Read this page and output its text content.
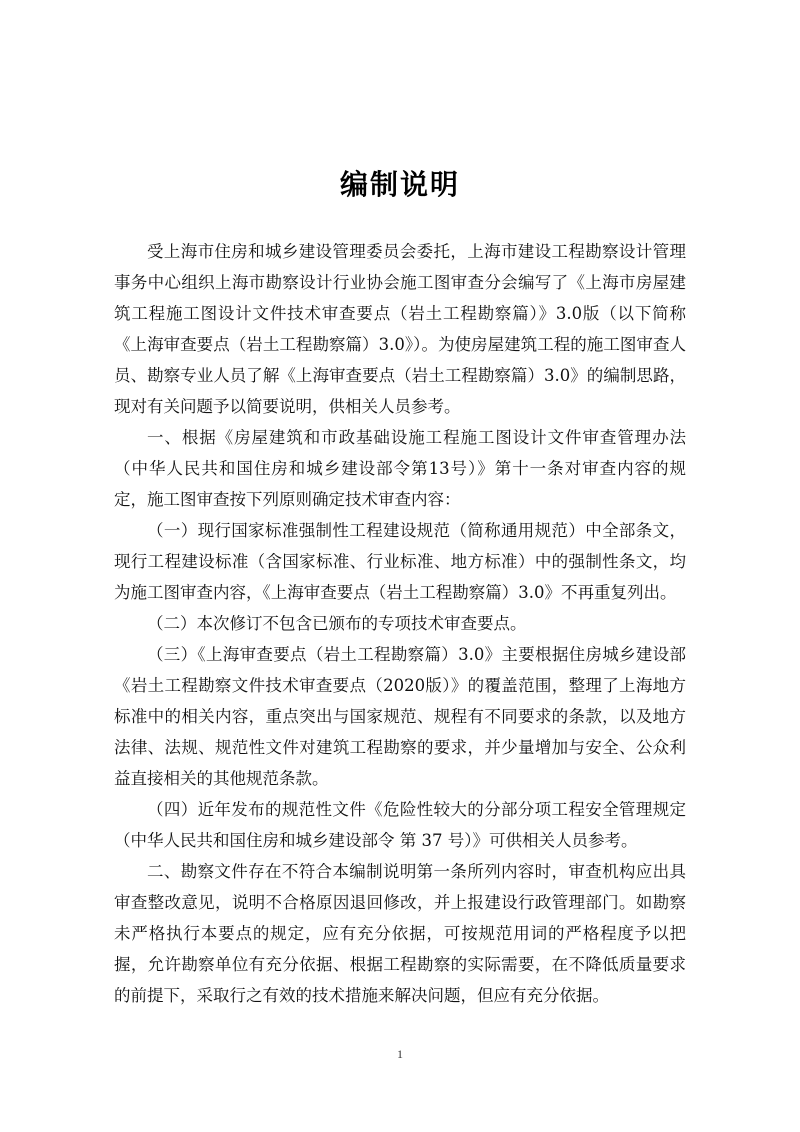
编制说明

受上海市住房和城乡建设管理委员会委托，上海市建设工程勘察设计管理事务中心组织上海市勘察设计行业协会施工图审查分会编写了《上海市房屋建筑工程施工图设计文件技术审查要点（岩土工程勘察篇）》3.0版（以下简称《上海审查要点（岩土工程勘察篇）3.0》）。为使房屋建筑工程的施工图审查人员、勘察专业人员了解《上海审查要点（岩土工程勘察篇）3.0》的编制思路，现对有关问题予以简要说明，供相关人员参考。

一、根据《房屋建筑和市政基础设施工程施工图设计文件审查管理办法（中华人民共和国住房和城乡建设部令第13号）》第十一条对审查内容的规定，施工图审查按下列原则确定技术审查内容：

（一）现行国家标准强制性工程建设规范（简称通用规范）中全部条文，现行工程建设标准（含国家标准、行业标准、地方标准）中的强制性条文，均为施工图审查内容，《上海审查要点（岩土工程勘察篇）3.0》不再重复列出。

（二）本次修订不包含已颁布的专项技术审查要点。

（三）《上海审查要点（岩土工程勘察篇）3.0》主要根据住房城乡建设部《岩土工程勘察文件技术审查要点（2020版）》的覆盖范围，整理了上海地方标准中的相关内容，重点突出与国家规范、规程有不同要求的条款，以及地方法律、法规、规范性文件对建筑工程勘察的要求，并少量增加与安全、公众利益直接相关的其他规范条款。

（四）近年发布的规范性文件《危险性较大的分部分项工程安全管理规定（中华人民共和国住房和城乡建设部令 第 37 号）》可供相关人员参考。

二、勘察文件存在不符合本编制说明第一条所列内容时，审查机构应出具审查整改意见，说明不合格原因退回修改，并上报建设行政管理部门。如勘察未严格执行本要点的规定，应有充分依据，可按规范用词的严格程度予以把握，允许勘察单位有充分依据、根据工程勘察的实际需要，在不降低质量要求的前提下，采取行之有效的技术措施来解决问题，但应有充分依据。

1
